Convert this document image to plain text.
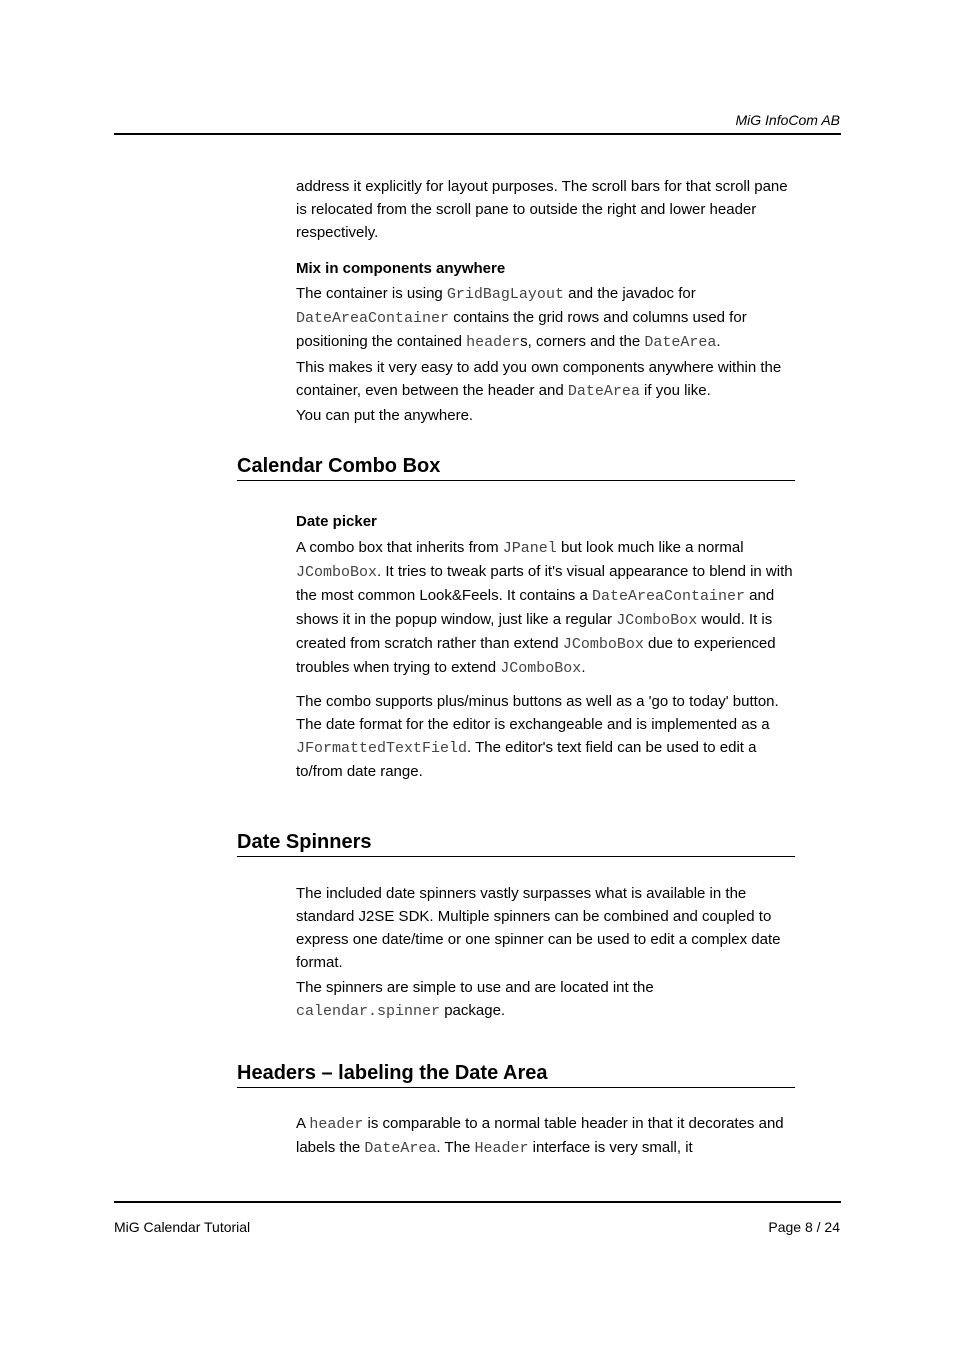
MiG InfoCom AB

address it explicitly for layout purposes. The scroll bars for that scroll pane is relocated from the scroll pane to outside the right and lower header respectively.

Mix in components anywhere

The container is using GridBagLayout and the javadoc for DateAreaContainer contains the grid rows and columns used for positioning the contained headers, corners and the DateArea.

This makes it very easy to add you own components anywhere within the container, even between the header and DateArea if you like.

You can put the anywhere.

Calendar Combo Box
Date picker

A combo box that inherits from JPanel but look much like a normal JComboBox. It tries to tweak parts of it's visual appearance to blend in with the most common Look&Feels. It contains a DateAreaContainer and shows it in the popup window, just like a regular JComboBox would. It is created from scratch rather than extend JComboBox due to experienced troubles when trying to extend JComboBox.

The combo supports plus/minus buttons as well as a 'go to today' button. The date format for the editor is exchangeable and is implemented as a JFormattedTextField. The editor's text field can be used to edit a to/from date range.

Date Spinners

The included date spinners vastly surpasses what is available in the standard J2SE SDK. Multiple spinners can be combined and coupled to express one date/time or one spinner can be used to edit a complex date format.

The spinners are simple to use and are located int the calendar.spinner package.

Headers – labeling the Date Area

A header is comparable to a normal table header in that it decorates and labels the DateArea. The Header interface is very small, it

MiG Calendar Tutorial	Page 8 / 24
